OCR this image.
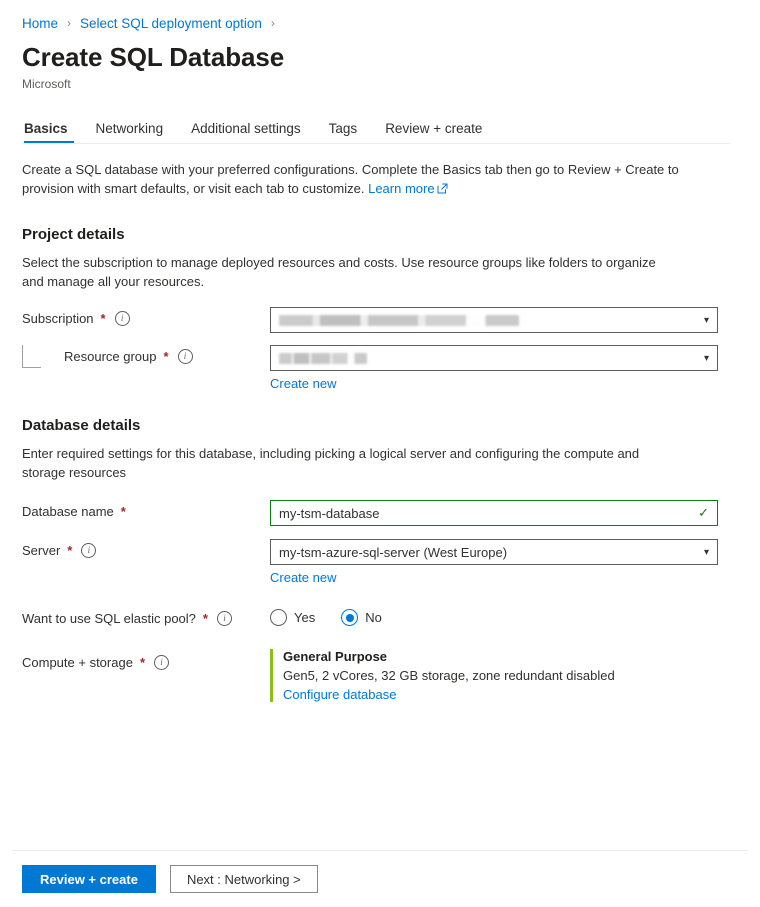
Home › Select SQL deployment option ›
Create SQL Database
Microsoft
Basics	Networking	Additional settings	Tags	Review + create
Create a SQL database with your preferred configurations. Complete the Basics tab then go to Review + Create to provision with smart defaults, or visit each tab to customize. Learn more
Project details
Select the subscription to manage deployed resources and costs. Use resource groups like folders to organize and manage all your resources.
Subscription *	i	▾
Resource group *	i	▾
Create new
Database details
Enter required settings for this database, including picking a logical server and configuring the compute and storage resources
Database name *	my-tsm-database	✓
Server *	i	my-tsm-azure-sql-server (West Europe)	▾
Create new
Want to use SQL elastic pool? *	i	Yes	No
Compute + storage *	i	General Purpose
Gen5, 2 vCores, 32 GB storage, zone redundant disabled
Configure database
Review + create	Next : Networking >
